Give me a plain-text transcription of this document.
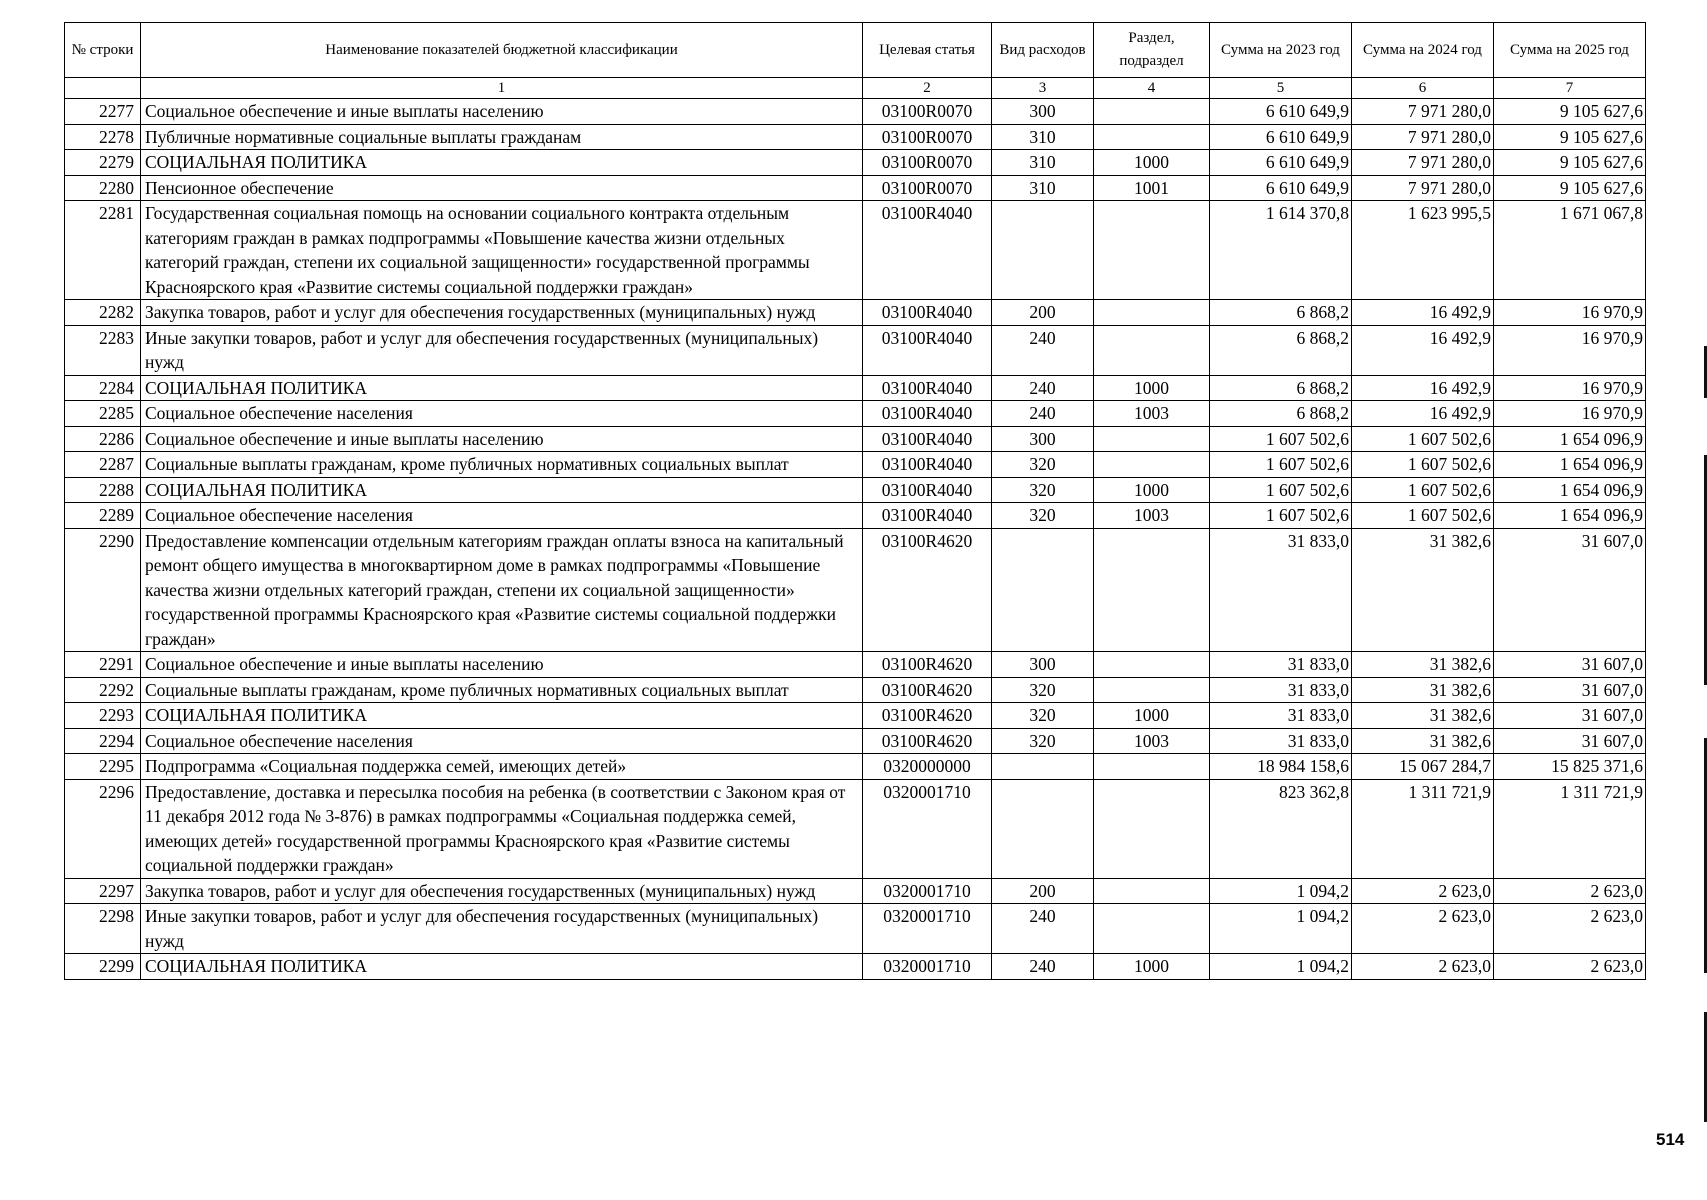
№ строки	Наименование показателей бюджетной классификации	Целевая статья	Вид расходов	Раздел, подраздел	Сумма на 2023 год	Сумма на 2024 год	Сумма на 2025 год
	1	2	3	4	5	6	7
2277	Социальное обеспечение и иные выплаты населению	03100R0070	300		6 610 649,9	7 971 280,0	9 105 627,6
2278	Публичные нормативные социальные выплаты гражданам	03100R0070	310		6 610 649,9	7 971 280,0	9 105 627,6
2279	СОЦИАЛЬНАЯ ПОЛИТИКА	03100R0070	310	1000	6 610 649,9	7 971 280,0	9 105 627,6
2280	Пенсионное обеспечение	03100R0070	310	1001	6 610 649,9	7 971 280,0	9 105 627,6
2281	Государственная социальная помощь на основании социального контракта отдельным категориям граждан в рамках подпрограммы «Повышение качества жизни отдельных категорий граждан, степени их социальной защищенности» государственной программы Красноярского края «Развитие системы социальной поддержки граждан»	03100R4040			1 614 370,8	1 623 995,5	1 671 067,8
2282	Закупка товаров, работ и услуг для обеспечения государственных (муниципальных) нужд	03100R4040	200		6 868,2	16 492,9	16 970,9
2283	Иные закупки товаров, работ и услуг для обеспечения государственных (муниципальных) нужд	03100R4040	240		6 868,2	16 492,9	16 970,9
2284	СОЦИАЛЬНАЯ ПОЛИТИКА	03100R4040	240	1000	6 868,2	16 492,9	16 970,9
2285	Социальное обеспечение населения	03100R4040	240	1003	6 868,2	16 492,9	16 970,9
2286	Социальное обеспечение и иные выплаты населению	03100R4040	300		1 607 502,6	1 607 502,6	1 654 096,9
2287	Социальные выплаты гражданам, кроме публичных нормативных социальных выплат	03100R4040	320		1 607 502,6	1 607 502,6	1 654 096,9
2288	СОЦИАЛЬНАЯ ПОЛИТИКА	03100R4040	320	1000	1 607 502,6	1 607 502,6	1 654 096,9
2289	Социальное обеспечение населения	03100R4040	320	1003	1 607 502,6	1 607 502,6	1 654 096,9
2290	Предоставление компенсации отдельным категориям граждан оплаты взноса на капитальный ремонт общего имущества в многоквартирном доме в рамках подпрограммы «Повышение качества жизни отдельных категорий граждан, степени их социальной защищенности» государственной программы Красноярского края «Развитие системы социальной поддержки граждан»	03100R4620			31 833,0	31 382,6	31 607,0
2291	Социальное обеспечение и иные выплаты населению	03100R4620	300		31 833,0	31 382,6	31 607,0
2292	Социальные выплаты гражданам, кроме публичных нормативных социальных выплат	03100R4620	320		31 833,0	31 382,6	31 607,0
2293	СОЦИАЛЬНАЯ ПОЛИТИКА	03100R4620	320	1000	31 833,0	31 382,6	31 607,0
2294	Социальное обеспечение населения	03100R4620	320	1003	31 833,0	31 382,6	31 607,0
2295	Подпрограмма «Социальная поддержка семей, имеющих детей»	0320000000			18 984 158,6	15 067 284,7	15 825 371,6
2296	Предоставление, доставка и пересылка пособия на ребенка (в соответствии с Законом края от 11 декабря 2012 года № 3-876) в рамках подпрограммы «Социальная поддержка семей, имеющих детей» государственной программы Красноярского края «Развитие системы социальной поддержки граждан»	0320001710			823 362,8	1 311 721,9	1 311 721,9
2297	Закупка товаров, работ и услуг для обеспечения государственных (муниципальных) нужд	0320001710	200		1 094,2	2 623,0	2 623,0
2298	Иные закупки товаров, работ и услуг для обеспечения государственных (муниципальных) нужд	0320001710	240		1 094,2	2 623,0	2 623,0
2299	СОЦИАЛЬНАЯ ПОЛИТИКА	0320001710	240	1000	1 094,2	2 623,0	2 623,0
514
